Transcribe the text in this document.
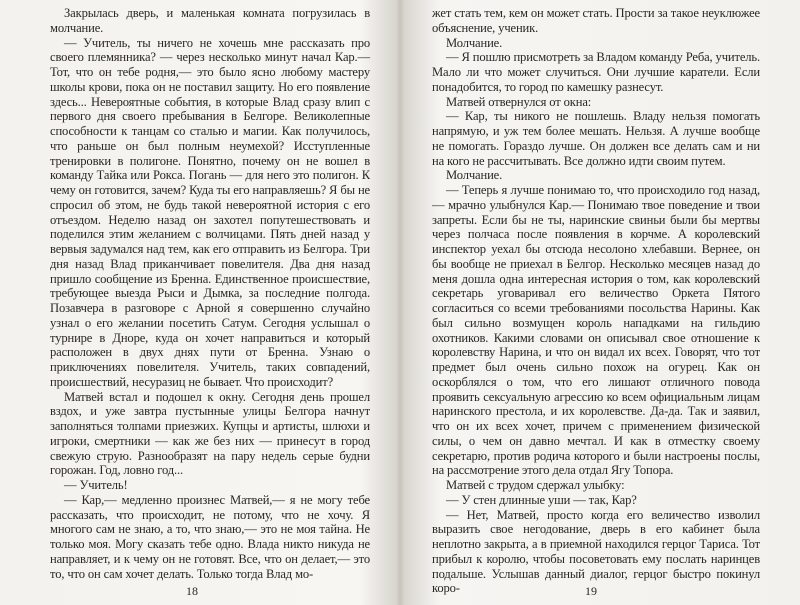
Закрылась дверь, и маленькая комната погрузилась в молчание.

— Учитель, ты ничего не хочешь мне рассказать про своего племянника? — через несколько минут начал Кар.— Тот, что он тебе родня,— это было ясно любому мастеру школы крови, пока он не поставил защиту. Но его появление здесь... Невероятные события, в которые Влад сразу влип с первого дня своего пребывания в Белгоре. Великолепные способности к танцам со сталью и магии. Как получилось, что раньше он был полным неумехой? Исступленные тренировки в полигоне. Понятно, почему он не вошел в команду Тайка или Рокса. Погань — для него это полигон. К чему он готовится, зачем? Куда ты его направляешь? Я бы не спросил об этом, не будь такой невероятной история с его отъездом. Неделю назад он захотел попутешествовать и поделился этим желанием с волчицами. Пять дней назад у вервыя задумался над тем, как его отправить из Белгора. Три дня назад Влад приканчивает повелителя. Два дня назад пришло сообщение из Бренна. Единственное происшествие, требующее выезда Рыси и Дымка, за последние полгода. Позавчера в разговоре с Арной я совершенно случайно узнал о его желании посетить Сатум. Сегодня услышал о турнире в Дноре, куда он хочет направиться и который расположен в двух днях пути от Бренна. Узнаю о приключениях повелителя. Учитель, таких совпадений, происшествий, несуразиц не бывает. Что происходит?

Матвей встал и подошел к окну. Сегодня день прошел вздох, и уже завтра пустынные улицы Белгора начнут заполняться толпами приезжих. Купцы и артисты, шлюхи и игроки, смертники — как же без них — принесут в город свежую струю. Разнообразят на пару недель серые будни горожан. Год, ловно год...

— Учитель!

— Кар,— медленно произнес Матвей,— я не могу тебе рассказать, что происходит, не потому, что не хочу. Я многого сам не знаю, а то, что знаю,— это не моя тайна. Не только моя. Могу сказать тебе одно. Влада никто никуда не направляет, и к чему он не готовят. Все, что он делает,— это то, что он сам хочет делать. Только тогда Влад мо-

18

жет стать тем, кем он может стать. Прости за такое неуклюжее объяснение, ученик.

Молчание.

— Я пошлю присмотреть за Владом команду Реба, учитель. Мало ли что может случиться. Они лучшие каратели. Если понадобится, то город по камешку разнесут.

Матвей отвернулся от окна:

— Кар, ты никого не пошлешь. Владу нельзя помогать напрямую, и уж тем более мешать. Нельзя. А лучше вообще не помогать. Гораздо лучше. Он должен все делать сам и ни на кого не рассчитывать. Все должно идти своим путем.

Молчание.

— Теперь я лучше понимаю то, что происходило год назад,— мрачно улыбнулся Кар.— Понимаю твое поведение и твои запреты. Если бы не ты, наринские свиньи были бы мертвы через полчаса после появления в корчме. А королевский инспектор уехал бы отсюда несолоно хлебавши. Вернее, он бы вообще не приехал в Белгор. Несколько месяцев назад до меня дошла одна интересная история о том, как королевский секретарь уговаривал его величество Оркета Пятого согласиться со всеми требованиями посольства Нарины. Как был сильно возмущен король нападками на гильдию охотников. Какими словами он описывал свое отношение к королевству Нарина, и что он видал их всех. Говорят, что тот предмет был очень сильно похож на огурец. Как он оскорблялся о том, что его лишают отличного повода проявить сексуальную агрессию ко всем официальным лицам наринского престола, и их королевстве. Да-да. Так и заявил, что он их всех хочет, причем с применением физической силы, о чем он давно мечтал. И как в отместку своему секретарю, против родича которого и были настроены послы, на рассмотрение этого дела отдал Ягу Топора.

Матвей с трудом сдержал улыбку:

— У стен длинные уши — так, Кар?

— Нет, Матвей, просто когда его величество изволил выразить свое негодование, дверь в его кабинет была неплотно закрыта, а в приемной находился герцог Тариса. Тот прибыл к королю, чтобы посоветовать ему послать наринцев подальше. Услышав данный диалог, герцог быстро покинул коро-	19
